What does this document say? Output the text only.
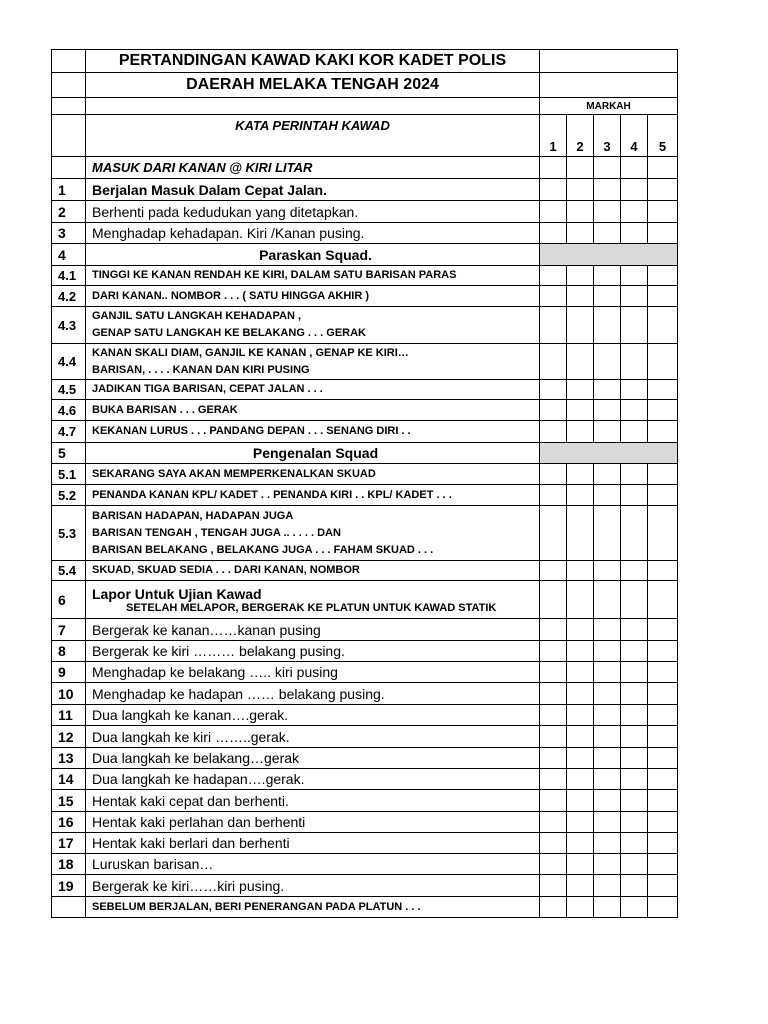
	PERTANDINGAN KAWAD KAKI KOR KADET POLIS					
	DAERAH MELAKA TENGAH 2024					
		MARKAH				
	KATA PERINTAH KAWAD	1	2	3	4	5

	MASUK DARI KANAN @ KIRI LITAR					

1	Berjalan Masuk Dalam Cepat Jalan.					

2	Berhenti pada kedudukan yang ditetapkan.					

3	Menghadap kehadapan. Kiri /Kanan pusing.					

4	Paraskan Squad.					

4.1	TINGGI KE KANAN RENDAH KE KIRI, DALAM SATU BARISAN PARAS					

4.2	DARI KANAN.. NOMBOR . . . ( SATU HINGGA AKHIR )					

4.3	GANJIL SATU LANGKAH KEHADAPAN ,
GENAP SATU LANGKAH KE BELAKANG . . . GERAK					

4.4	KANAN SKALI DIAM, GANJIL KE KANAN , GENAP KE KIRI…
BARISAN, . . . . KANAN DAN KIRI PUSING					

4.5	JADIKAN TIGA BARISAN, CEPAT JALAN . . .					

4.6	BUKA BARISAN . . . GERAK					

4.7	KEKANAN LURUS . . . PANDANG DEPAN . . . SENANG DIRI . .					

5	Pengenalan Squad					

5.1	SEKARANG SAYA AKAN MEMPERKENALKAN SKUAD					

5.2	PENANDA KANAN KPL/ KADET . . PENANDA KIRI . . KPL/ KADET . . .					

5.3	BARISAN HADAPAN, HADAPAN JUGA
BARISAN TENGAH , TENGAH JUGA .. . . . . DAN
BARISAN BELAKANG , BELAKANG JUGA . . . FAHAM SKUAD . . .					

5.4	SKUAD, SKUAD SEDIA . . . DARI KANAN, NOMBOR					

6	Lapor Untuk Ujian Kawad
SETELAH MELAPOR, BERGERAK KE PLATUN UNTUK KAWAD STATIK					

7	Bergerak ke kanan……kanan pusing					

8	Bergerak ke kiri ……… belakang pusing.					

9	Menghadap ke belakang ….. kiri pusing					

10	Menghadap ke hadapan …… belakang pusing.					

11	Dua langkah ke kanan….gerak.					

12	Dua langkah ke kiri ……..gerak.					

13	Dua langkah ke belakang…gerak					

14	Dua langkah ke hadapan….gerak.					

15	Hentak kaki cepat dan berhenti.					

16	Hentak kaki perlahan dan berhenti					

17	Hentak kaki berlari dan berhenti					

18	Luruskan barisan…					

19	Bergerak ke kiri……kiri pusing.					

	SEBELUM BERJALAN, BERI PENERANGAN PADA PLATUN . . .					
